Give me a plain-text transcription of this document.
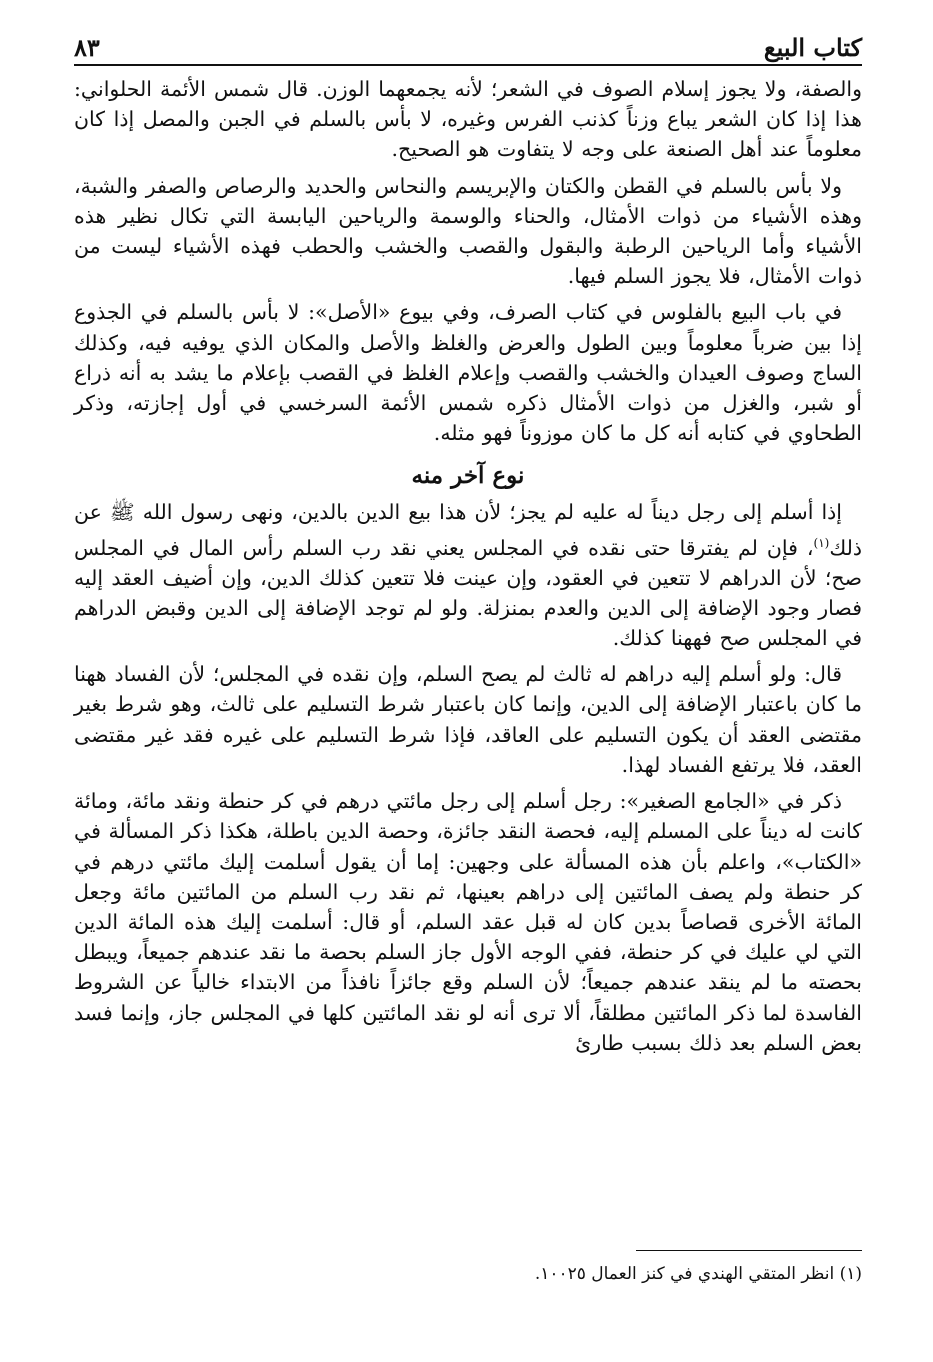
كتاب البيع
٨٣

والصفة، ولا يجوز إسلام الصوف في الشعر؛ لأنه يجمعهما الوزن. قال شمس الأئمة الحلواني: هذا إذا كان الشعر يباع وزناً كذنب الفرس وغيره، لا بأس بالسلم في الجبن والمصل إذا كان معلوماً عند أهل الصنعة على وجه لا يتفاوت هو الصحيح.

ولا بأس بالسلم في القطن والكتان والإبريسم والنحاس والحديد والرصاص والصفر والشبة، وهذه الأشياء من ذوات الأمثال، والحناء والوسمة والرياحين اليابسة التي تكال نظير هذه الأشياء وأما الرياحين الرطبة والبقول والقصب والخشب والحطب فهذه الأشياء ليست من ذوات الأمثال، فلا يجوز السلم فيها.

في باب البيع بالفلوس في كتاب الصرف، وفي بيوع «الأصل»: لا بأس بالسلم في الجذوع إذا بين ضرباً معلوماً وبين الطول والعرض والغلظ والأصل والمكان الذي يوفيه فيه، وكذلك الساج وصوف العيدان والخشب والقصب وإعلام الغلظ في القصب بإعلام ما يشد به أنه ذراع أو شبر، والغزل من ذوات الأمثال ذكره شمس الأئمة السرخسي في أول إجازته، وذكر الطحاوي في كتابه أنه كل ما كان موزوناً فهو مثله.

نوع آخر منه

إذا أسلم إلى رجل ديناً له عليه لم يجز؛ لأن هذا بيع الدين بالدين، ونهى رسول الله ﷺ عن ذلك$^{(١)}$، فإن لم يفترقا حتى نقده في المجلس يعني نقد رب السلم رأس المال في المجلس صح؛ لأن الدراهم لا تتعين في العقود، وإن عينت فلا تتعين كذلك الدين، وإن أضيف العقد إليه فصار وجود الإضافة إلى الدين والعدم بمنزلة. ولو لم توجد الإضافة إلى الدين وقبض الدراهم في المجلس صح فههنا كذلك.

قال: ولو أسلم إليه دراهم له ثالث لم يصح السلم، وإن نقده في المجلس؛ لأن الفساد ههنا ما كان باعتبار الإضافة إلى الدين، وإنما كان باعتبار شرط التسليم على ثالث، وهو شرط بغير مقتضى العقد أن يكون التسليم على العاقد، فإذا شرط التسليم على غيره فقد غير مقتضى العقد، فلا يرتفع الفساد لهذا.

ذكر في «الجامع الصغير»: رجل أسلم إلى رجل مائتي درهم في كر حنطة ونقد مائة، ومائة كانت له ديناً على المسلم إليه، فحصة النقد جائزة، وحصة الدين باطلة، هكذا ذكر المسألة في «الكتاب»، واعلم بأن هذه المسألة على وجهين: إما أن يقول أسلمت إليك مائتي درهم في كر حنطة ولم يصف المائتين إلى دراهم بعينها، ثم نقد رب السلم من المائتين مائة وجعل المائة الأخرى قصاصاً بدين كان له قبل عقد السلم، أو قال: أسلمت إليك هذه المائة الدين التي لي عليك في كر حنطة، ففي الوجه الأول جاز السلم بحصة ما نقد عندهم جميعاً، ويبطل بحصته ما لم ينقد عندهم جميعاً؛ لأن السلم وقع جائزاً نافذاً من الابتداء خالياً عن الشروط الفاسدة لما ذكر المائتين مطلقاً، ألا ترى أنه لو نقد المائتين كلها في المجلس جاز، وإنما فسد بعض السلم بعد ذلك بسبب طارئ

(١) انظر المتقي الهندي في كنز العمال ١٠٠٢٥.
